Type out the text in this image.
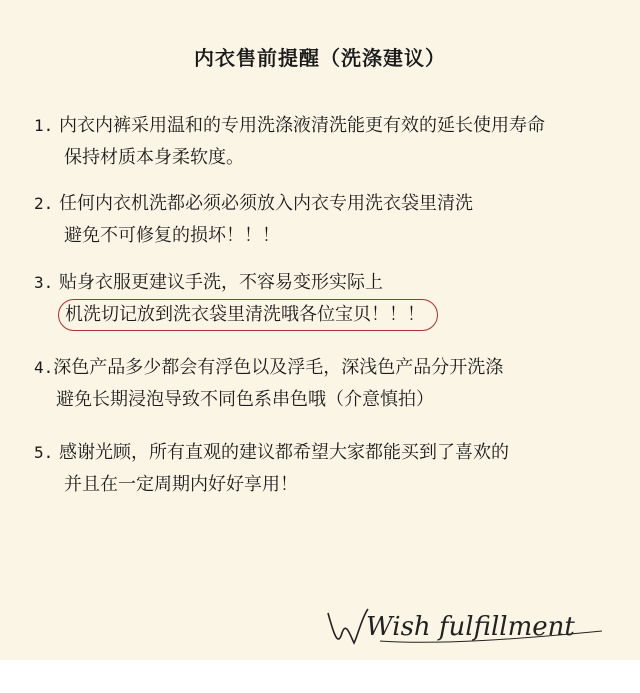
内衣售前提醒（洗涤建议）
1. 内衣内裤采用温和的专用洗涤液清洗能更有效的延长使用寿命
保持材质本身柔软度。
2. 任何内衣机洗都必须必须放入内衣专用洗衣袋里清洗
避免不可修复的损坏！！！
3. 贴身衣服更建议手洗，不容易变形实际上
机洗切记放到洗衣袋里清洗哦各位宝贝！！！
4.深色产品多少都会有浮色以及浮毛，深浅色产品分开洗涤
避免长期浸泡导致不同色系串色哦（介意慎拍）
5. 感谢光顾，所有直观的建议都希望大家都能买到了喜欢的
并且在一定周期内好好享用！
Wish fulfillment
